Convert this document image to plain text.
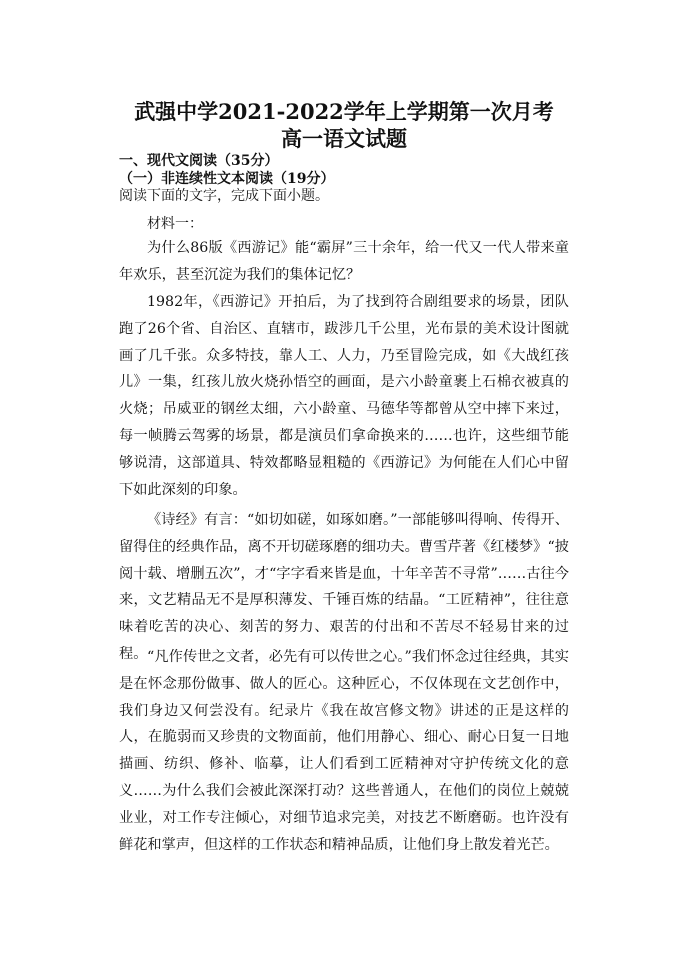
武强中学2021-2022学年上学期第一次月考
高一语文试题
一、现代文阅读（35分）
（一）非连续性文本阅读（19分）
阅读下面的文字，完成下面小题。
材料一：
为什么86版《西游记》能“霸屏”三十余年，给一代又一代人带来童年欢乐，甚至沉淀为我们的集体记忆？
1982年，《西游记》开拍后，为了找到符合剧组要求的场景，团队跑了26个省、自治区、直辖市，跋涉几千公里，光布景的美术设计图就画了几千张。众多特技，靠人工、人力，乃至冒险完成，如《大战红孩儿》一集，红孩儿放火烧孙悟空的画面，是六小龄童裹上石棉衣被真的火烧；吊威亚的钢丝太细，六小龄童、马德华等都曾从空中摔下来过，每一帧腾云驾雾的场景，都是演员们拿命换来的……也许，这些细节能够说清，这部道具、特效都略显粗糙的《西游记》为何能在人们心中留下如此深刻的印象。
《诗经》有言：“如切如磋，如琢如磨。”一部能够叫得响、传得开、留得住的经典作品，离不开切磋琢磨的细功夫。曹雪芹著《红楼梦》“披阅十载、增删五次”，才“字字看来皆是血，十年辛苦不寻常”……古往今来，文艺精品无不是厚积薄发、千锤百炼的结晶。“工匠精神”，往往意味着吃苦的决心、刻苦的努力、艰苦的付出和不苦尽不轻易甘来的过程。 “凡作传世之文者，必先有可以传世之心。”我们怀念过往经典，其实是在怀念那份做事、做人的匠心。这种匠心，不仅体现在文艺创作中，我们身边又何尝没有。纪录片《我在故宫修文物》讲述的正是这样的人，在脆弱而又珍贵的文物面前，他们用静心、细心、耐心日复一日地描画、纺织、修补、临摹，让人们看到工匠精神对守护传统文化的意义……为什么我们会被此深深打动？这些普通人，在他们的岗位上兢兢业业，对工作专注倾心，对细节追求完美，对技艺不断磨砺。也许没有鲜花和掌声，但这样的工作状态和精神品质，让他们身上散发着光芒。
